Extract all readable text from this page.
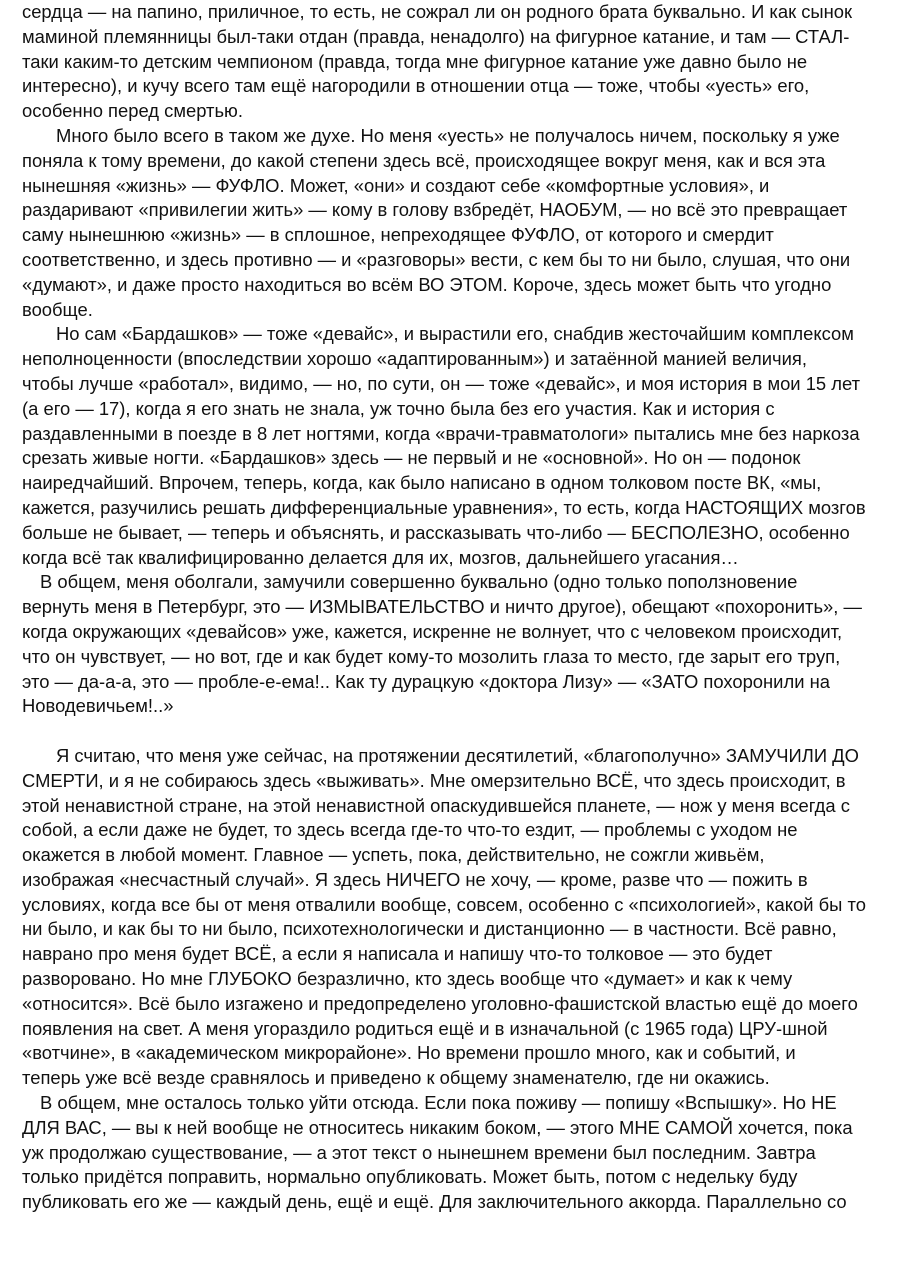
сердца — на папино, приличное, то есть, не сожрал ли он родного брата буквально. И как сынок
маминой племянницы был-таки отдан (правда, ненадолго) на фигурное катание, и там — СТАЛ-
таки каким-то детским чемпионом (правда, тогда мне фигурное катание уже давно было не
интересно), и кучу всего там ещё нагородили в отношении отца — тоже, чтобы «уесть» его,
особенно перед смертью.
Много было всего в таком же духе. Но меня «уесть» не получалось ничем, поскольку я уже
поняла к тому времени, до какой степени здесь всё, происходящее вокруг меня, как и вся эта
нынешняя «жизнь» — ФУФЛО. Может, «они» и создают себе «комфортные условия», и
раздаривают «привилегии жить» — кому в голову взбредёт, НАОБУМ, — но всё это превращает
саму нынешнюю «жизнь» — в сплошное, непреходящее ФУФЛО, от которого и смердит
соответственно, и здесь противно — и «разговоры» вести, с кем бы то ни было, слушая, что они
«думают», и даже просто находиться во всём ВО ЭТОМ. Короче, здесь может быть что угодно
вообще.
Но сам «Бардашков» — тоже «девайс», и вырастили его, снабдив жесточайшим комплексом
неполноценности (впоследствии хорошо «адаптированным») и затаённой манией величия,
чтобы лучше «работал», видимо, — но, по сути, он — тоже «девайс», и моя история в мои 15 лет
(а его — 17), когда я его знать не знала, уж точно была без его участия. Как и история с
раздавленными в поезде в 8 лет ногтями, когда «врачи-травматологи» пытались мне без наркоза
срезать живые ногти. «Бардашков» здесь — не первый и не «основной». Но он — подонок
наиредчайший. Впрочем, теперь, когда, как было написано в одном толковом посте ВК, «мы,
кажется, разучились решать дифференциальные уравнения», то есть, когда НАСТОЯЩИХ мозгов
больше не бывает, — теперь и объяснять, и рассказывать что-либо — БЕСПОЛЕЗНО, особенно
когда всё так квалифицированно делается для их, мозгов, дальнейшего угасания…
В общем, меня оболгали, замучили совершенно буквально (одно только поползновение
вернуть меня в Петербург, это — ИЗМЫВАТЕЛЬСТВО и ничто другое), обещают «похоронить», —
когда окружающих «девайсов» уже, кажется, искренне не волнует, что с человеком происходит,
что он чувствует, — но вот, где и как будет кому-то мозолить глаза то место, где зарыт его труп,
это — да-а-а, это — пробле-е-ема!.. Как ту дурацкую «доктора Лизу» — «ЗАТО похоронили на
Новодевичьем!..»
Я считаю, что меня уже сейчас, на протяжении десятилетий, «благополучно» ЗАМУЧИЛИ ДО
СМЕРТИ, и я не собираюсь здесь «выживать». Мне омерзительно ВСЁ, что здесь происходит, в
этой ненавистной стране, на этой ненавистной опаскудившейся планете, — нож у меня всегда с
собой, а если даже не будет, то здесь всегда где-то что-то ездит, — проблемы с уходом не
окажется в любой момент. Главное — успеть, пока, действительно, не сожгли живьём,
изображая «несчастный случай». Я здесь НИЧЕГО не хочу, — кроме, разве что — пожить в
условиях, когда все бы от меня отвалили вообще, совсем, особенно с «психологией», какой бы то
ни было, и как бы то ни было, психотехнологически и дистанционно — в частности. Всё равно,
наврано про меня будет ВСЁ, а если я написала и напишу что-то толковое — это будет
разворовано. Но мне ГЛУБОКО безразлично, кто здесь вообще что «думает» и как к чему
«относится». Всё было изгажено и предопределено уголовно-фашистской властью ещё до моего
появления на свет. А меня угораздило родиться ещё и в изначальной (с 1965 года) ЦРУ-шной
«вотчине», в «академическом микрорайоне». Но времени прошло много, как и событий, и
теперь уже всё везде сравнялось и приведено к общему знаменателю, где ни окажись.
В общем, мне осталось только уйти отсюда. Если пока поживу — попишу «Вспышку». Но НЕ
ДЛЯ ВАС, — вы к ней вообще не относитесь никаким боком, — этого МНЕ САМОЙ хочется, пока
уж продолжаю существование, — а этот текст о нынешнем времени был последним. Завтра
только придётся поправить, нормально опубликовать. Может быть, потом с недельку буду
публиковать его же — каждый день, ещё и ещё. Для заключительного аккорда. Параллельно со
